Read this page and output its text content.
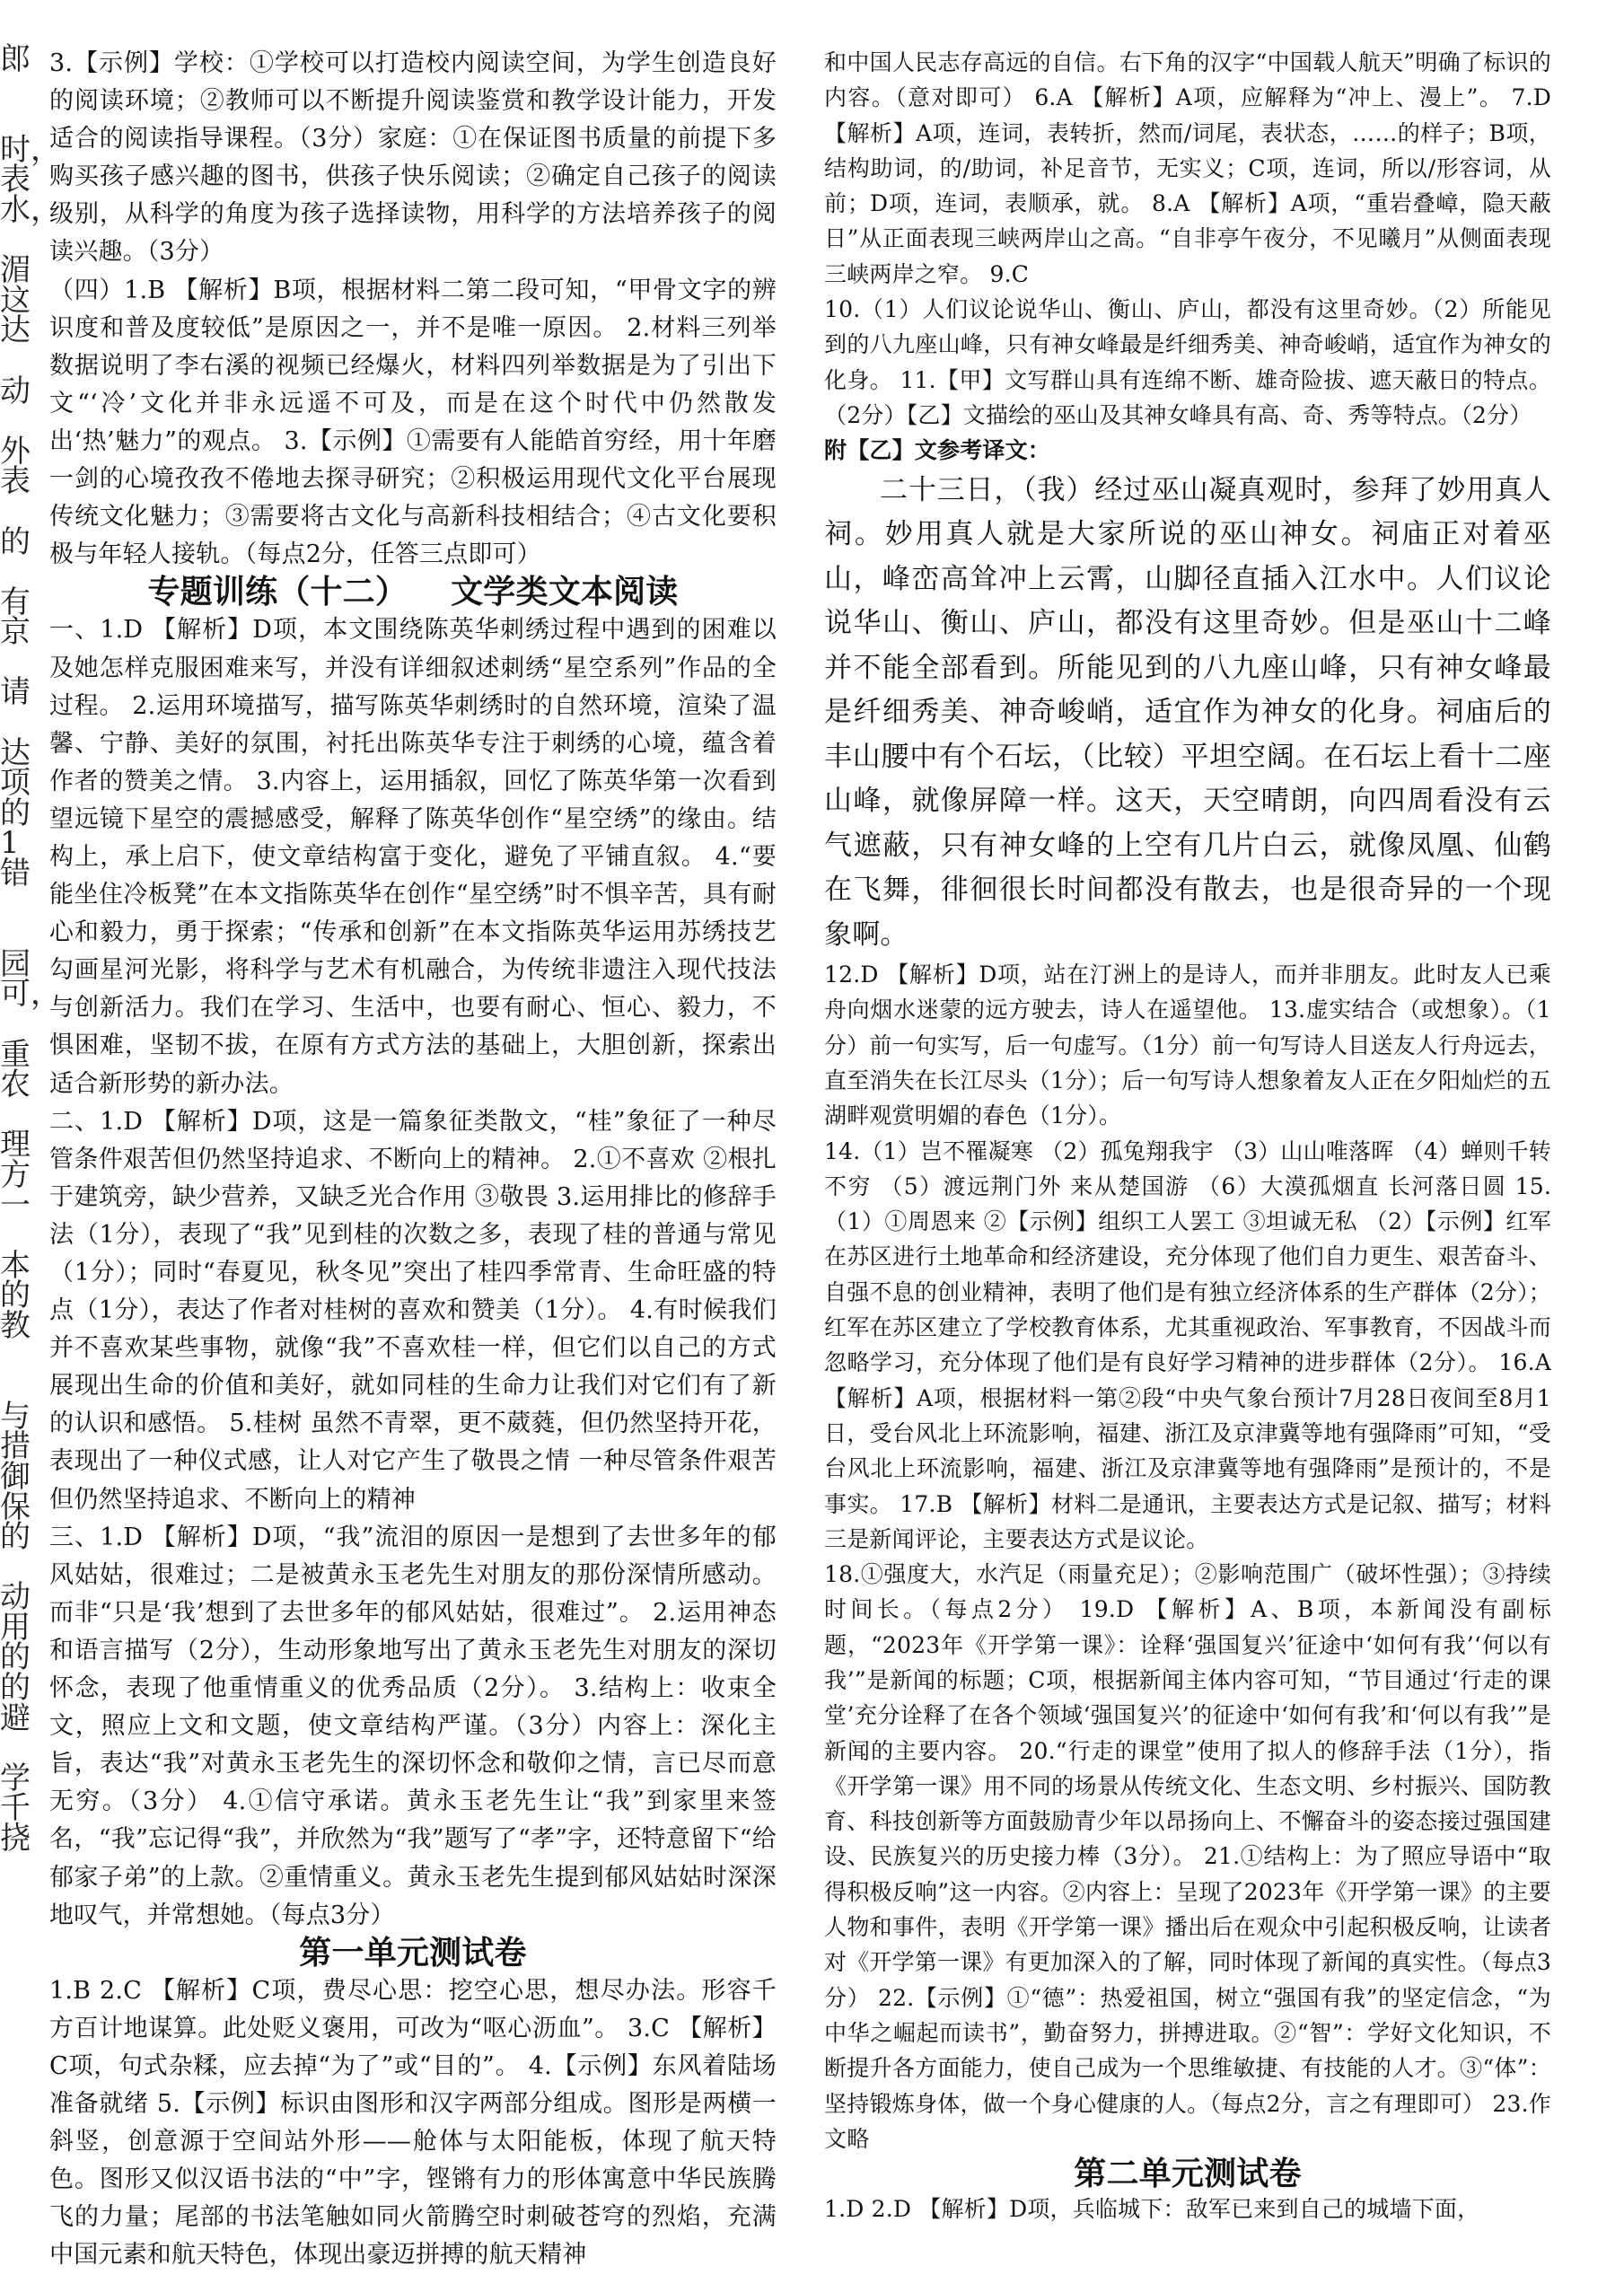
郎

时，
表
水，

湄
这
达

动

外
表

的

有
京

请

达
项
的
1
错

园
可，

重
农

理
方
一

本
的
教

与
措
御
保
的

动
用
的
的
避

学
千
挠

3.【示例】学校：①学校可以打造校内阅读空间，为学生创造良好的阅读环境；②教师可以不断提升阅读鉴赏和教学设计能力，开发适合的阅读指导课程。（3分）家庭：①在保证图书质量的前提下多购买孩子感兴趣的图书，供孩子快乐阅读；②确定自己孩子的阅读级别，从科学的角度为孩子选择读物，用科学的方法培养孩子的阅读兴趣。（3分）

（四）1.B 【解析】B项，根据材料二第二段可知，“甲骨文字的辨识度和普及度较低”是原因之一，并不是唯一原因。 2.材料三列举数据说明了李右溪的视频已经爆火，材料四列举数据是为了引出下文“‘冷’文化并非永远遥不可及，而是在这个时代中仍然散发出‘热’魅力”的观点。 3.【示例】①需要有人能皓首穷经，用十年磨一剑的心境孜孜不倦地去探寻研究；②积极运用现代文化平台展现传统文化魅力；③需要将古文化与高新科技相结合；④古文化要积极与年轻人接轨。（每点2分，任答三点即可）

专题训练（十二） 文学类文本阅读

一、1.D 【解析】D项，本文围绕陈英华刺绣过程中遇到的困难以及她怎样克服困难来写，并没有详细叙述刺绣“星空系列”作品的全过程。 2.运用环境描写，描写陈英华刺绣时的自然环境，渲染了温馨、宁静、美好的氛围，衬托出陈英华专注于刺绣的心境，蕴含着作者的赞美之情。 3.内容上，运用插叙，回忆了陈英华第一次看到望远镜下星空的震撼感受，解释了陈英华创作“星空绣”的缘由。结构上，承上启下，使文章结构富于变化，避免了平铺直叙。 4.“要能坐住冷板凳”在本文指陈英华在创作“星空绣”时不惧辛苦，具有耐心和毅力，勇于探索；“传承和创新”在本文指陈英华运用苏绣技艺勾画星河光影，将科学与艺术有机融合，为传统非遗注入现代技法与创新活力。我们在学习、生活中，也要有耐心、恒心、毅力，不惧困难，坚韧不拔，在原有方式方法的基础上，大胆创新，探索出适合新形势的新办法。

二、1.D 【解析】D项，这是一篇象征类散文，“桂”象征了一种尽管条件艰苦但仍然坚持追求、不断向上的精神。 2.①不喜欢 ②根扎于建筑旁，缺少营养，又缺乏光合作用 ③敬畏 3.运用排比的修辞手法（1分），表现了“我”见到桂的次数之多，表现了桂的普通与常见（1分）；同时“春夏见，秋冬见”突出了桂四季常青、生命旺盛的特点（1分），表达了作者对桂树的喜欢和赞美（1分）。 4.有时候我们并不喜欢某些事物，就像“我”不喜欢桂一样，但它们以自己的方式展现出生命的价值和美好，就如同桂的生命力让我们对它们有了新的认识和感悟。 5.桂树 虽然不青翠，更不葳蕤，但仍然坚持开花，表现出了一种仪式感，让人对它产生了敬畏之情 一种尽管条件艰苦但仍然坚持追求、不断向上的精神

三、1.D 【解析】D项，“我”流泪的原因一是想到了去世多年的郁风姑姑，很难过；二是被黄永玉老先生对朋友的那份深情所感动。而非“只是‘我’想到了去世多年的郁风姑姑，很难过”。 2.运用神态和语言描写（2分），生动形象地写出了黄永玉老先生对朋友的深切怀念，表现了他重情重义的优秀品质（2分）。 3.结构上：收束全文，照应上文和文题，使文章结构严谨。（3分）内容上：深化主旨，表达“我”对黄永玉老先生的深切怀念和敬仰之情，言已尽而意无穷。（3分） 4.①信守承诺。黄永玉老先生让“我”到家里来签名，“我”忘记得“我”，并欣然为“我”题写了“孝”字，还特意留下“给郁家子弟”的上款。②重情重义。黄永玉老先生提到郁风姑姑时深深地叹气，并常想她。（每点3分）

第一单元测试卷

1.B 2.C 【解析】C项，费尽心思：挖空心思，想尽办法。形容千方百计地谋算。此处贬义褒用，可改为“呕心沥血”。 3.C 【解析】C项，句式杂糅，应去掉“为了”或“目的”。 4.【示例】东风着陆场准备就绪 5.【示例】标识由图形和汉字两部分组成。图形是两横一斜竖，创意源于空间站外形——舱体与太阳能板，体现了航天特色。图形又似汉语书法的“中”字，铿锵有力的形体寓意中华民族腾飞的力量；尾部的书法笔触如同火箭腾空时刺破苍穹的烈焰，充满中国元素和航天特色，体现出豪迈拼搏的航天精神

和中国人民志存高远的自信。右下角的汉字“中国载人航天”明确了标识的内容。（意对即可） 6.A 【解析】A项，应解释为“冲上、漫上”。 7.D 【解析】A项，连词，表转折，然而/词尾，表状态，……的样子；B项，结构助词，的/助词，补足音节，无实义；C项，连词，所以/形容词，从前；D项，连词，表顺承，就。 8.A 【解析】A项，“重岩叠嶂，隐天蔽日”从正面表现三峡两岸山之高。“自非亭午夜分，不见曦月”从侧面表现三峡两岸之窄。 9.C

10.（1）人们议论说华山、衡山、庐山，都没有这里奇妙。（2）所能见到的八九座山峰，只有神女峰最是纤细秀美、神奇峻峭，适宜作为神女的化身。 11.【甲】文写群山具有连绵不断、雄奇险拔、遮天蔽日的特点。（2分）【乙】文描绘的巫山及其神女峰具有高、奇、秀等特点。（2分）

附【乙】文参考译文：

二十三日，（我）经过巫山凝真观时，参拜了妙用真人祠。妙用真人就是大家所说的巫山神女。祠庙正对着巫山，峰峦高耸冲上云霄，山脚径直插入江水中。人们议论说华山、衡山、庐山，都没有这里奇妙。但是巫山十二峰并不能全部看到。所能见到的八九座山峰，只有神女峰最是纤细秀美、神奇峻峭，适宜作为神女的化身。祠庙后的丰山腰中有个石坛，（比较）平坦空阔。在石坛上看十二座山峰，就像屏障一样。这天，天空晴朗，向四周看没有云气遮蔽，只有神女峰的上空有几片白云，就像凤凰、仙鹤在飞舞，徘徊很长时间都没有散去，也是很奇异的一个现象啊。

12.D 【解析】D项，站在汀洲上的是诗人，而并非朋友。此时友人已乘舟向烟水迷蒙的远方驶去，诗人在遥望他。 13.虚实结合（或想象）。（1分）前一句实写，后一句虚写。（1分）前一句写诗人目送友人行舟远去，直至消失在长江尽头（1分）；后一句写诗人想象着友人正在夕阳灿烂的五湖畔观赏明媚的春色（1分）。

14.（1）岂不罹凝寒 （2）孤兔翔我宇 （3）山山唯落晖 （4）蝉则千转不穷 （5）渡远荆门外 来从楚国游 （6）大漠孤烟直 长河落日圆 15.（1）①周恩来 ②【示例】组织工人罢工 ③坦诚无私 （2）【示例】红军在苏区进行土地革命和经济建设，充分体现了他们自力更生、艰苦奋斗、自强不息的创业精神，表明了他们是有独立经济体系的生产群体（2分）；红军在苏区建立了学校教育体系，尤其重视政治、军事教育，不因战斗而忽略学习，充分体现了他们是有良好学习精神的进步群体（2分）。 16.A 【解析】A项，根据材料一第②段“中央气象台预计7月28日夜间至8月1日，受台风北上环流影响，福建、浙江及京津冀等地有强降雨”可知，“受台风北上环流影响，福建、浙江及京津冀等地有强降雨”是预计的，不是事实。 17.B 【解析】材料二是通讯，主要表达方式是记叙、描写；材料三是新闻评论，主要表达方式是议论。

18.①强度大，水汽足（雨量充足）；②影响范围广（破坏性强）；③持续时间长。（每点2分） 19.D 【解析】A、B项，本新闻没有副标题，“2023年《开学第一课》：诠释‘强国复兴’征途中‘如何有我’‘何以有我’”是新闻的标题；C项，根据新闻主体内容可知，“节目通过‘行走的课堂’充分诠释了在各个领域‘强国复兴’的征途中‘如何有我’和‘何以有我’”是新闻的主要内容。 20.“行走的课堂”使用了拟人的修辞手法（1分），指《开学第一课》用不同的场景从传统文化、生态文明、乡村振兴、国防教育、科技创新等方面鼓励青少年以昂扬向上、不懈奋斗的姿态接过强国建设、民族复兴的历史接力棒（3分）。 21.①结构上：为了照应导语中“取得积极反响”这一内容。②内容上：呈现了2023年《开学第一课》的主要人物和事件，表明《开学第一课》播出后在观众中引起积极反响，让读者对《开学第一课》有更加深入的了解，同时体现了新闻的真实性。（每点3分） 22.【示例】①“德”：热爱祖国，树立“强国有我”的坚定信念，“为中华之崛起而读书”，勤奋努力，拼搏进取。②“智”：学好文化知识，不断提升各方面能力，使自己成为一个思维敏捷、有技能的人才。③“体”：坚持锻炼身体，做一个身心健康的人。（每点2分，言之有理即可） 23.作文略

第二单元测试卷

1.D 2.D 【解析】D项，兵临城下：敌军已来到自己的城墙下面，
